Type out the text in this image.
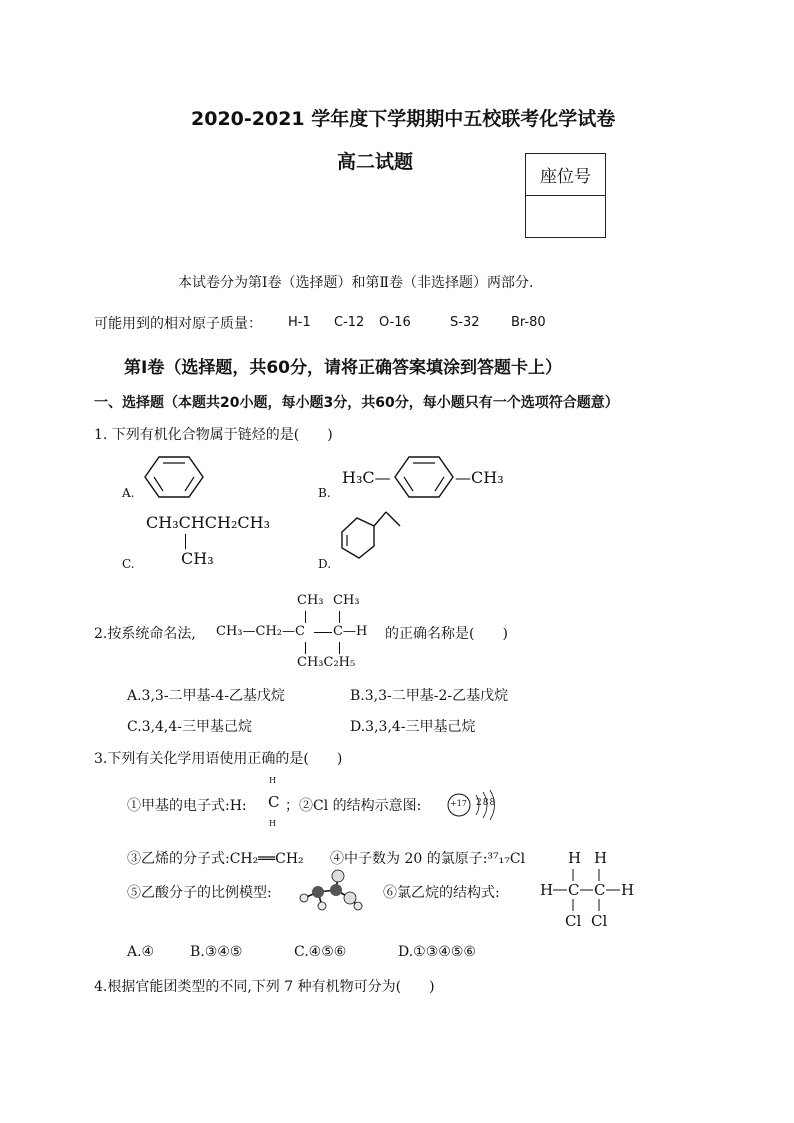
2020-2021 学年度下学期期中五校联考化学试卷
高二试题
座位号
本试卷分为第Ⅰ卷（选择题）和第Ⅱ卷（非选择题）两部分.
可能用到的相对原子质量： H-1 C-12 O-16	S-32 Br-80
第Ⅰ卷（选择题，共60分，请将正确答案填涂到答题卡上）
一、选择题（本题共20小题，每小题3分，共60分，每小题只有一个选项符合题意）
1. 下列有机化合物属于链烃的是(　　)
A.	B.
C.	D.
H₃C—	—CH₃
CH₃CHCH₂CH₃
CH₃
2.按系统命名法,	的正确名称是(　　)
CH₃ CH₃
CH₃—CH₂—C C —H
CH₃C₂H₅
A.3,3-二甲基-4-乙基戊烷	B.3,3-二甲基-2-乙基戊烷
C.3,4,4-三甲基己烷	D.3,3,4-三甲基己烷
3.下列有关化学用语使用正确的是(　　)
①甲基的电子式:H:
H
C
H
；②Cl 的结构示意图:	+17 288
③乙烯的分子式:CH₂══CH₂ ④中子数为 20 的氯原子:³⁷₁₇Cl
⑤乙酸分子的比例模型:	⑥氯乙烷的结构式:
H H
H C C H
Cl Cl
A.④	B.③④⑤	C.④⑤⑥	D.①③④⑤⑥
4.根据官能团类型的不同,下列 7 种有机物可分为(　　)
